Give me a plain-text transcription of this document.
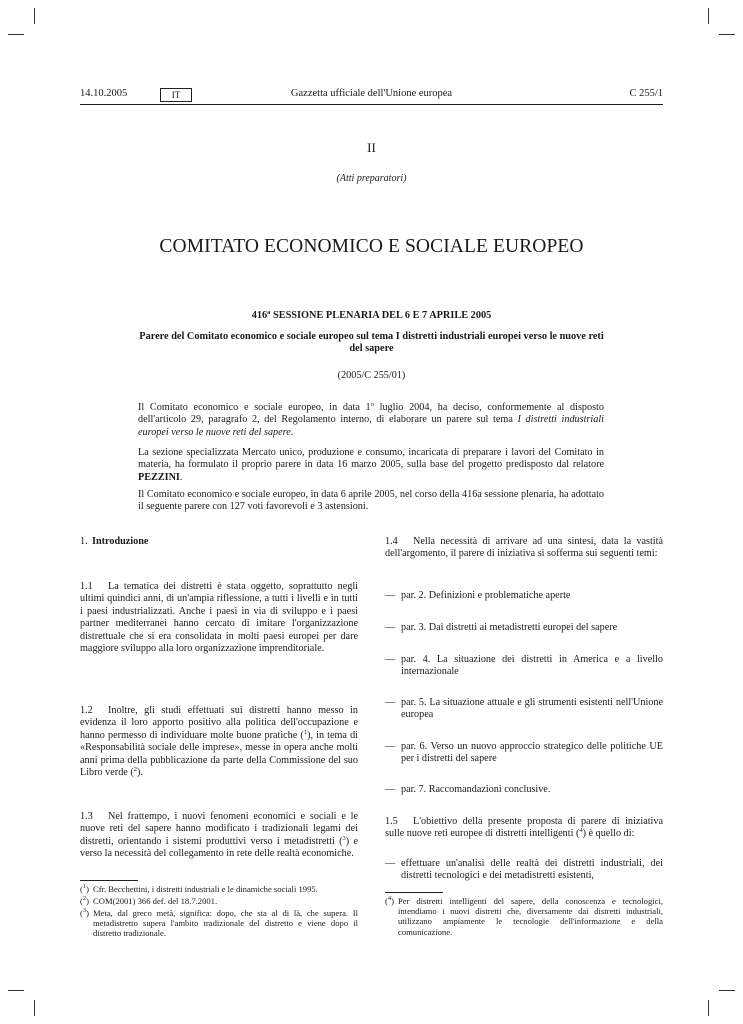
14.10.2005	IT	Gazzetta ufficiale dell'Unione europea	C 255/1
II
(Atti preparatori)
COMITATO ECONOMICO E SOCIALE EUROPEO
416$^a$ SESSIONE PLENARIA DEL 6 E 7 APRILE 2005
Parere del Comitato economico e sociale europeo sul tema I distretti industriali europei verso le nuove reti del sapere
(2005/C 255/01)

Il Comitato economico e sociale europeo, in data 1$^o$ luglio 2004, ha deciso, conformemente al disposto dell'articolo 29, paragrafo 2, del Regolamento interno, di elaborare un parere sul tema I distretti industriali europei verso le nuove reti del sapere.

La sezione specializzata Mercato unico, produzione e consumo, incaricata di preparare i lavori del Comitato in materia, ha formulato il proprio parere in data 16 marzo 2005, sulla base del progetto predisposto dal relatore PEZZINI.

Il Comitato economico e sociale europeo, in data 6 aprile 2005, nel corso della 416a sessione plenaria, ha adottato il seguente parere con 127 voti favorevoli e 3 astensioni.

1. Introduzione

1.1 La tematica dei distretti è stata oggetto, soprattutto negli ultimi quindici anni, di un'ampia riflessione, a tutti i livelli e in tutti i paesi industrializzati. Anche i paesi in via di sviluppo e i paesi partner mediterranei hanno cercato di imitare l'organizzazione distrettuale che si era consolidata in molti paesi europei per dare maggiore sviluppo alla loro organizzazione imprenditoriale.

1.2 Inoltre, gli studi effettuati sui distretti hanno messo in evidenza il loro apporto positivo alla politica dell'occupazione e hanno permesso di individuare molte buone pratiche ($^1$), in tema di «Responsabilità sociale delle imprese», messe in opera anche molti anni prima della pubblicazione da parte della Commissione del suo Libro verde ($^2$).

1.3 Nel frattempo, i nuovi fenomeni economici e sociali e le nuove reti del sapere hanno modificato i tradizionali legami dei distretti, orientando i sistemi produttivi verso i metadistretti ($^3$) e verso la necessità del collegamento in rete delle realtà economiche.

($^1$) Cfr. Becchettini, i distretti industriali e le dinamiche sociali 1995.
($^2$) COM(2001) 366 def. del 18.7.2001.
($^3$) Meta, dal greco metà, significa: dopo, che sta al di là, che supera. Il metadistretto supera l'ambito tradizionale del distretto e viene dopo il distretto tradizionale.

1.4 Nella necessità di arrivare ad una sintesi, data la vastità dell'argomento, il parere di iniziativa si sofferma sui seguenti temi:

— par. 2. Definizioni e problematiche aperte
— par. 3. Dai distretti ai metadistretti europei del sapere
— par. 4. La situazione dei distretti in America e a livello internazionale
— par. 5. La situazione attuale e gli strumenti esistenti nell'Unione europea
— par. 6. Verso un nuovo approccio strategico delle politiche UE per i distretti del sapere
— par. 7. Raccomandazioni conclusive.

1.5 L'obiettivo della presente proposta di parere di iniziativa sulle nuove reti europee di distretti intelligenti ($^4$) è quello di:

— effettuare un'analisi delle realtà dei distretti industriali, dei distretti tecnologici e dei metadistretti esistenti,
($^4$) Per distretti intelligenti del sapere, della conoscenza e tecnologici, intendiamo i nuovi distretti che, diversamente dai distretti industriali, utilizzano ampiamente le tecnologie dell'informazione e della comunicazione.
